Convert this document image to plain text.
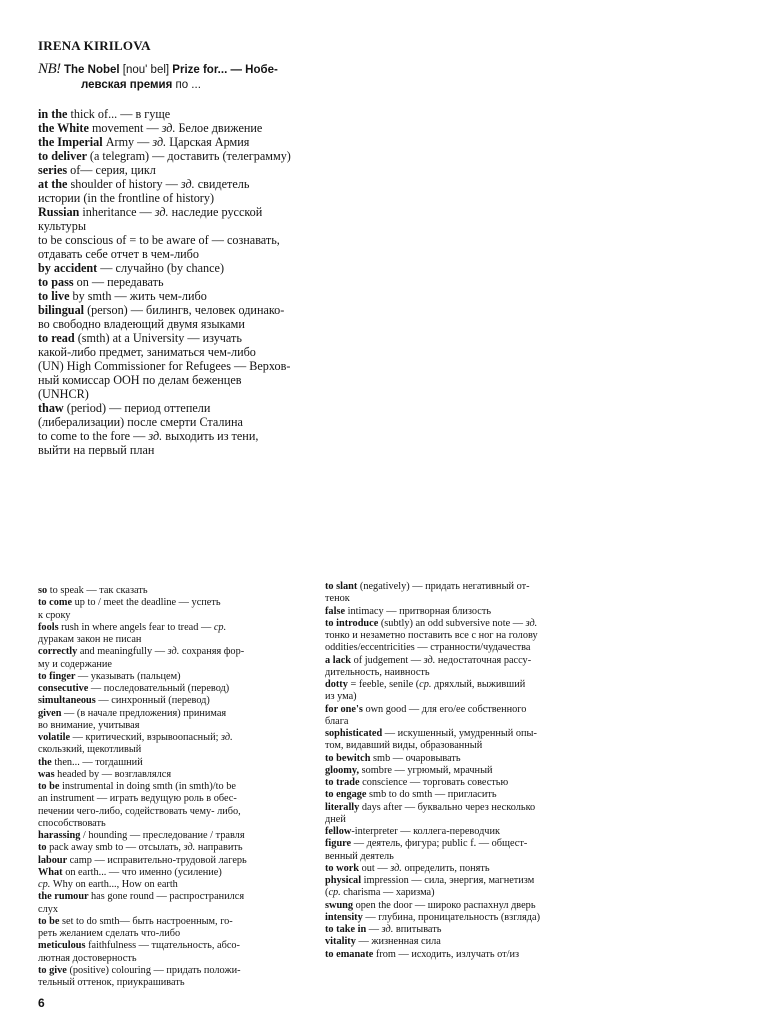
IRENA KIRILOVA
NB! The Nobel [nou' bel] Prize for... — Нобе-
левская премия по ...
in the thick of... — в гуще
the White movement — зд. Белое движение
the Imperial Army — зд. Царская Армия
to deliver (a telegram) — доставить (телеграмму)
series of— серия, цикл
at the shoulder of history — зд. свидетель
истории (in the frontline of history)
Russian inheritance — зд. наследие русской
культуры
to be conscious of = to be aware of — сознавать,
отдавать себе отчет в чем-либо
by accident — случайно (by chance)
to pass on — передавать
to live by smth — жить чем-либо
bilingual (person) — билингв, человек одинако-
во свободно владеющий двумя языками
to read (smth) at a University — изучать
какой-либо предмет, заниматься чем-либо
(UN) High Commissioner for Refugees — Верхов-
ный комиссар ООН по делам беженцев
(UNHCR)
thaw (period) — период оттепели
(либерализации) после смерти Сталина
to come to the fore — зд. выходить из тени,
выйти на первый план
so to speak — так сказать
to come up to / meet the deadline — успеть
к сроку
fools rush in where angels fear to tread — ср.
дуракам закон не писан
correctly and meaningfully — зд. сохраняя фор-
му и содержание
to finger — указывать (пальцем)
consecutive — последовательный (перевод)
simultaneous — синхронный (перевод)
given — (в начале предложения) принимая
во внимание, учитывая
volatile — критический, взрывоопасный; зд.
скользкий, щекотливый
the then... — тогдашний
was headed by — возглавлялся
to be instrumental in doing smth (in smth)/to be
an instrument — играть ведущую роль в обес-
печении чего-либо, содействовать чему- либо,
способствовать
harassing / hounding — преследование / травля
to pack away smb to — отсылать, зд. направить
labour camp — исправительно-трудовой лагерь
What on earth... — что именно (усиление)
ср. Why on earth..., How on earth
the rumour has gone round — распространился
слух
to be set to do smth— быть настроенным, го-
реть желанием сделать что-либо
meticulous faithfulness — тщательность, абсо-
лютная достоверность
to give (positive) colouring — придать положи-
тельный оттенок, приукрашивать
to slant (negatively) — придать негативный от-
тенок
false intimacy — притворная близость
to introduce (subtly) an odd subversive note — зд.
тонко и незаметно поставить все с ног на голову
oddities/eccentricities — странности/чудачества
a lack of judgement — зд. недостаточная рассу-
дительность, наивность
dotty = feeble, senile (ср. дряхлый, выживший
из ума)
for one's own good — для его/ее собственного
блага
sophisticated — искушенный, умудренный опы-
том, видавший виды, образованный
to bewitch smb — очаровывать
gloomy, sombre — угрюмый, мрачный
to trade conscience — торговать совестью
to engage smb to do smth — пригласить
literally days after — буквально через несколько
дней
fellow-interpreter — коллега-переводчик
figure — деятель, фигура; public f. — общест-
венный деятель
to work out — зд. определить, понять
physical impression — сила, энергия, магнетизм
(ср. charisma — харизма)
swung open the door — широко распахнул дверь
intensity — глубина, проницательность (взгляда)
to take in — зд. впитывать
vitality — жизненная сила
to emanate from — исходить, излучать от/из

6
